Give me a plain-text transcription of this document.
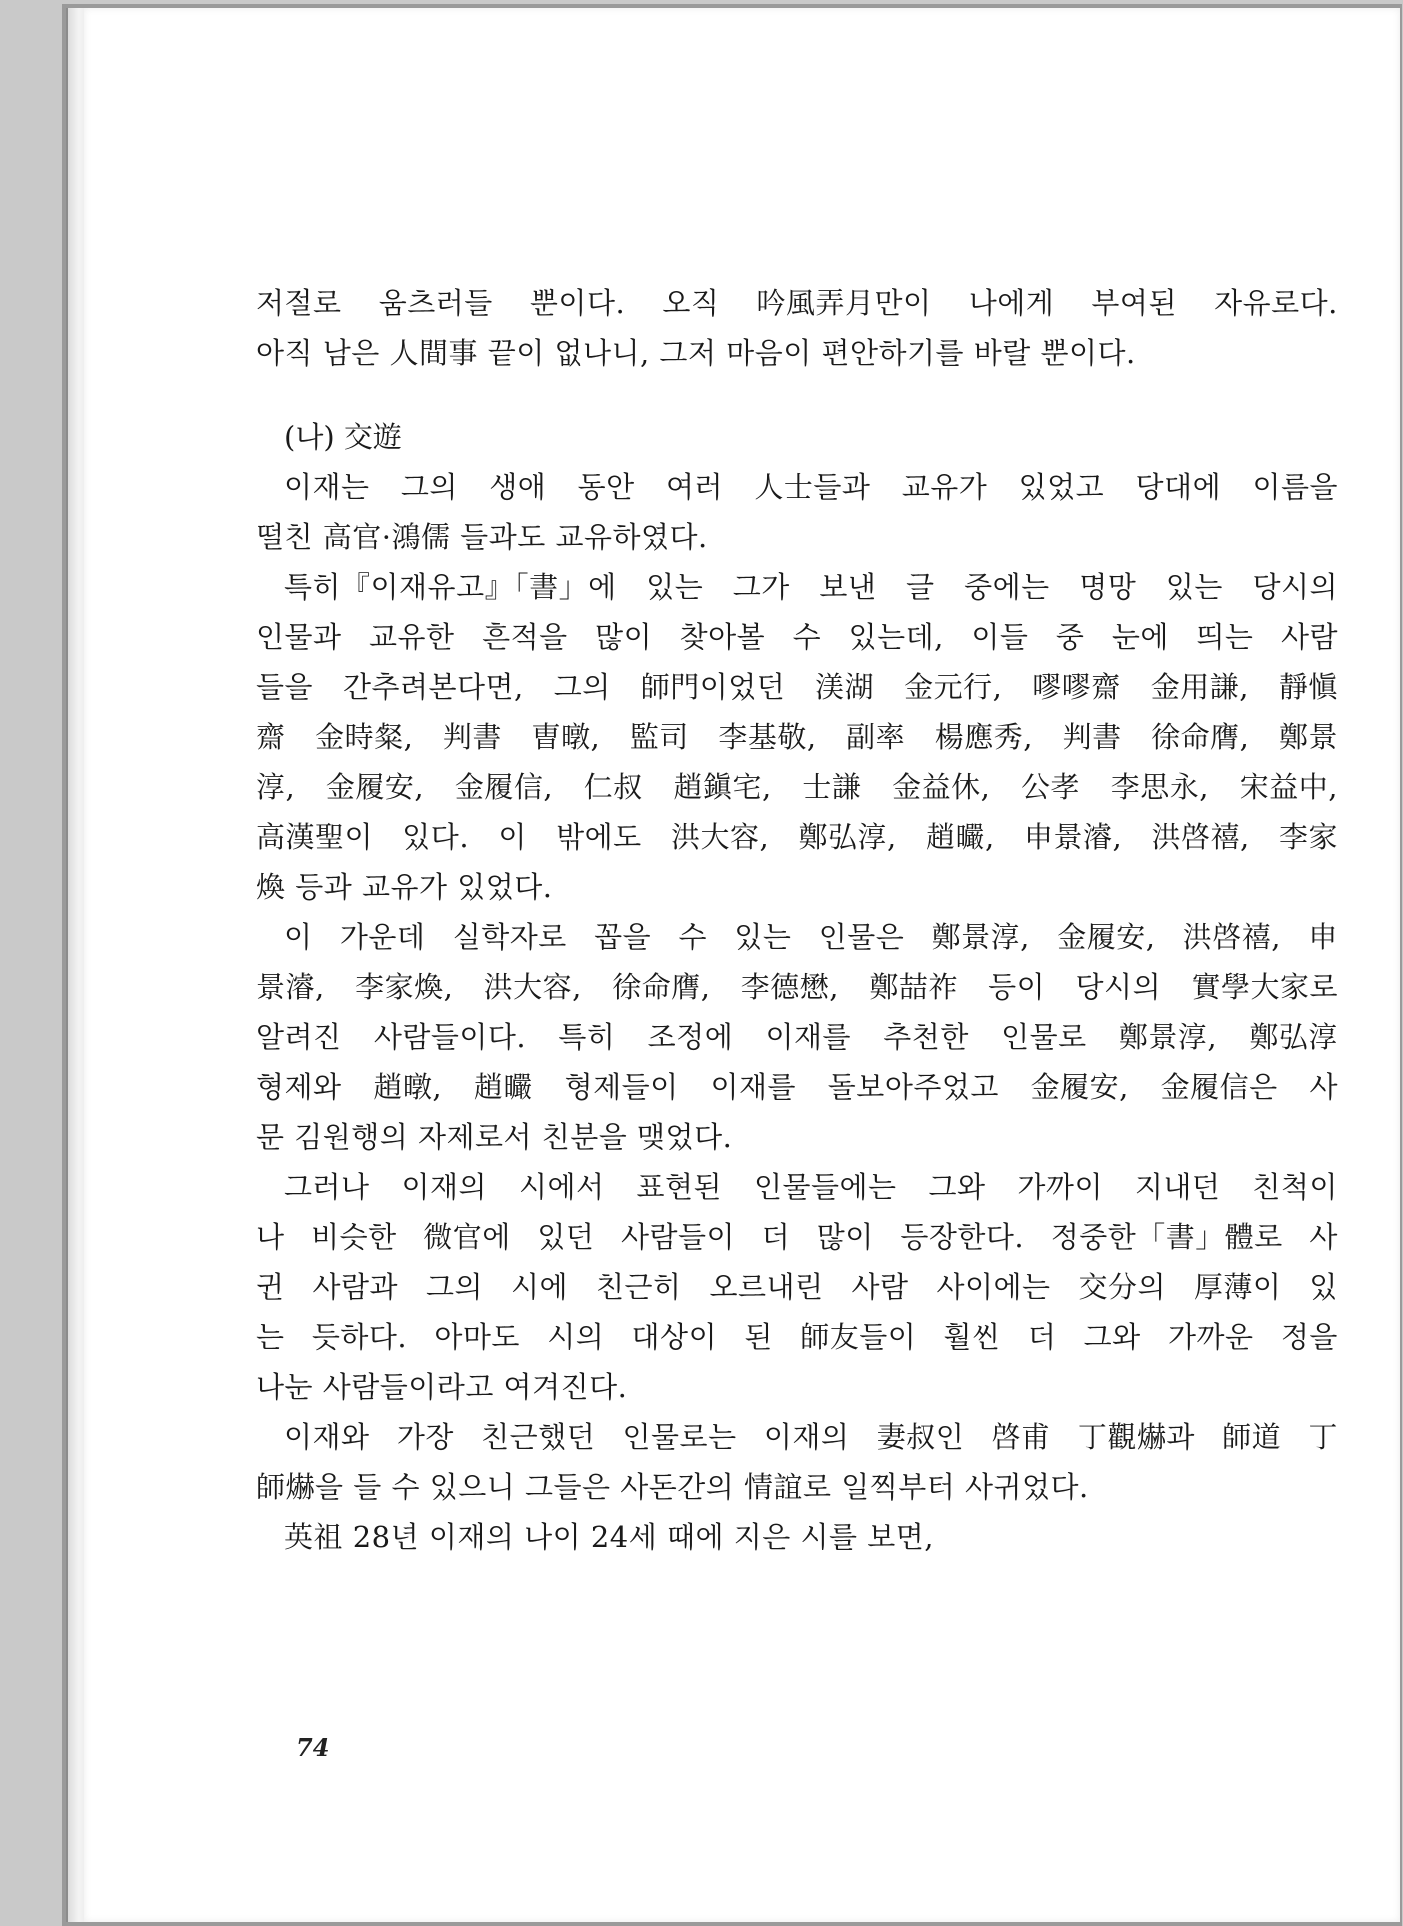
저절로 움츠러들 뿐이다. 오직 吟風弄月만이 나에게 부여된 자유로다.
아직 남은 人間事 끝이 없나니, 그저 마음이 편안하기를 바랄 뿐이다.
(나) 交遊
이재는 그의 생애 동안 여러 人士들과 교유가 있었고 당대에 이름을
떨친 高官·鴻儒 들과도 교유하였다.
특히『이재유고』「書」에 있는 그가 보낸 글 중에는 명망 있는 당시의
인물과 교유한 흔적을 많이 찾아볼 수 있는데, 이들 중 눈에 띄는 사람
들을 간추려본다면, 그의 師門이었던 渼湖 金元行, 嘐嘐齋 金用謙, 靜愼
齋 金時粲, 判書 曺暾, 監司 李基敬, 副率 楊應秀, 判書 徐命膺, 鄭景
淳, 金履安, 金履信, 仁叔 趙鎭宅, 士謙 金益休, 公孝 李思永, 宋益中,
高漢聖이 있다. 이 밖에도 洪大容, 鄭弘淳, 趙曮, 申景濬, 洪啓禧, 李家
煥 등과 교유가 있었다.
이 가운데 실학자로 꼽을 수 있는 인물은 鄭景淳, 金履安, 洪啓禧, 申
景濬, 李家煥, 洪大容, 徐命膺, 李德懋, 鄭喆祚 등이 당시의 實學大家로
알려진 사람들이다. 특히 조정에 이재를 추천한 인물로 鄭景淳, 鄭弘淳
형제와 趙暾, 趙曮 형제들이 이재를 돌보아주었고 金履安, 金履信은 사
문 김원행의 자제로서 친분을 맺었다.
그러나 이재의 시에서 표현된 인물들에는 그와 가까이 지내던 친척이
나 비슷한 微官에 있던 사람들이 더 많이 등장한다. 정중한「書」體로 사
귄 사람과 그의 시에 친근히 오르내린 사람 사이에는 交分의 厚薄이 있
는 듯하다. 아마도 시의 대상이 된 師友들이 훨씬 더 그와 가까운 정을
나눈 사람들이라고 여겨진다.
이재와 가장 친근했던 인물로는 이재의 妻叔인 啓甫 丁觀爀과 師道 丁
師爀을 들 수 있으니 그들은 사돈간의 情誼로 일찍부터 사귀었다.
英祖 28년 이재의 나이 24세 때에 지은 시를 보면,
74
